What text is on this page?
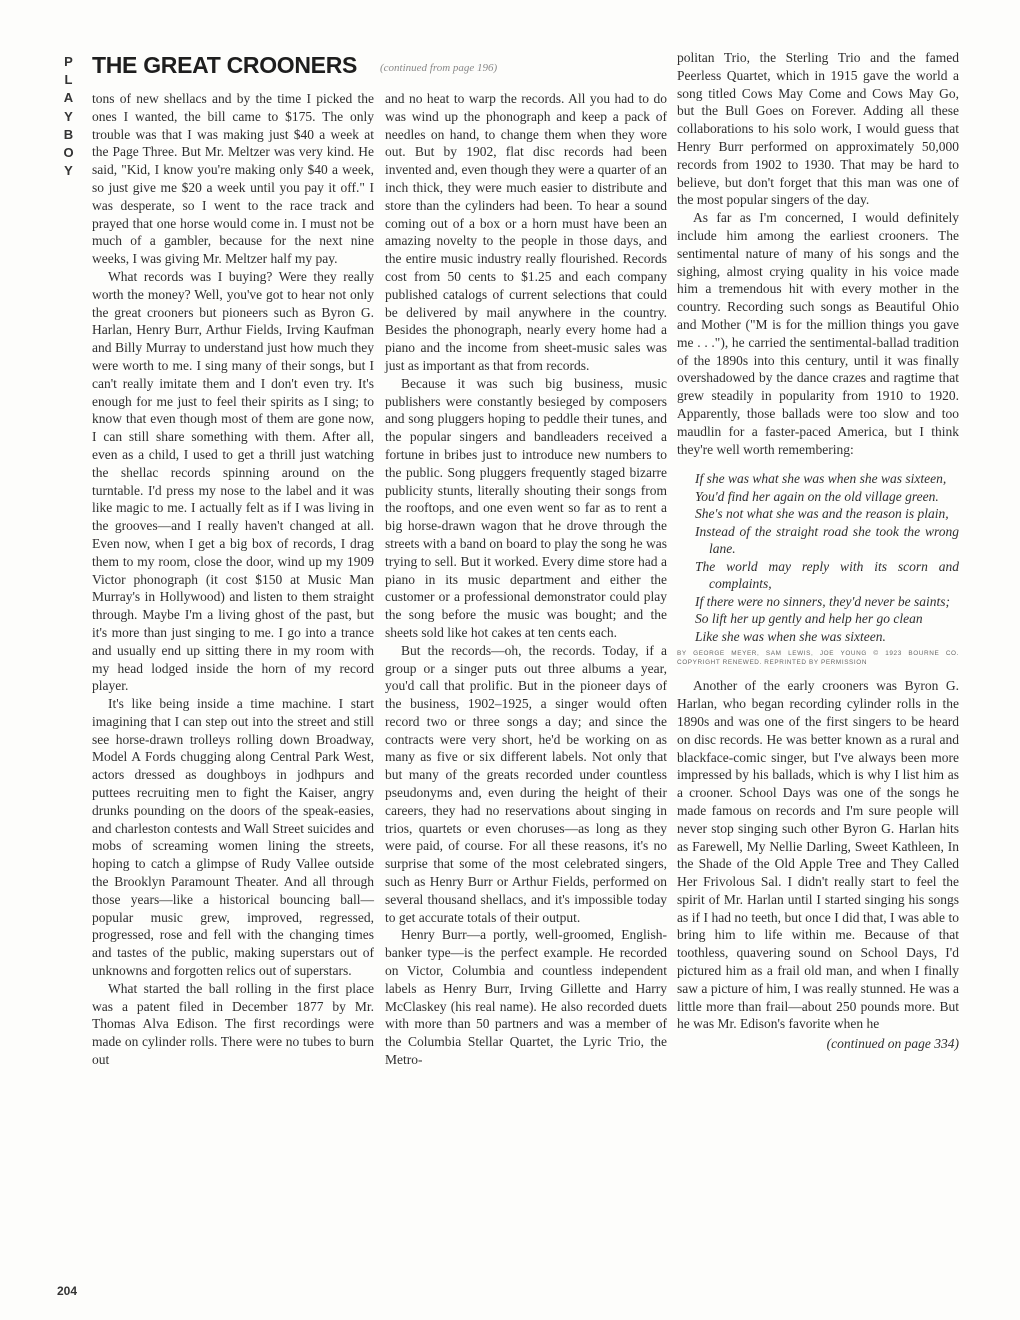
PLAYBOY
THE GREAT CROONERS (continued from page 196)

tons of new shellacs and by the time I picked the ones I wanted, the bill came to $175. The only trouble was that I was making just $40 a week at the Page Three. But Mr. Meltzer was very kind. He said, "Kid, I know you're making only $40 a week, so just give me $20 a week until you pay it off." I was desperate, so I went to the race track and prayed that one horse would come in. I must not be much of a gambler, because for the next nine weeks, I was giving Mr. Meltzer half my pay.

What records was I buying? Were they really worth the money? Well, you've got to hear not only the great crooners but pioneers such as Byron G. Harlan, Henry Burr, Arthur Fields, Irving Kaufman and Billy Murray to understand just how much they were worth to me. I sing many of their songs, but I can't really imitate them and I don't even try. It's enough for me just to feel their spirits as I sing; to know that even though most of them are gone now, I can still share something with them. After all, even as a child, I used to get a thrill just watching the shellac records spinning around on the turntable. I'd press my nose to the label and it was like magic to me. I actually felt as if I was living in the grooves—and I really haven't changed at all. Even now, when I get a big box of records, I drag them to my room, close the door, wind up my 1909 Victor phonograph (it cost $150 at Music Man Murray's in Hollywood) and listen to them straight through. Maybe I'm a living ghost of the past, but it's more than just singing to me. I go into a trance and usually end up sitting there in my room with my head lodged inside the horn of my record player.

It's like being inside a time machine. I start imagining that I can step out into the street and still see horse-drawn trolleys rolling down Broadway, Model A Fords chugging along Central Park West, actors dressed as doughboys in jodhpurs and puttees recruiting men to fight the Kaiser, angry drunks pounding on the doors of the speak-easies, and charleston contests and Wall Street suicides and mobs of screaming women lining the streets, hoping to catch a glimpse of Rudy Vallee outside the Brooklyn Paramount Theater. And all through those years—like a historical bouncing ball—popular music grew, improved, regressed, progressed, rose and fell with the changing times and tastes of the public, making superstars out of unknowns and forgotten relics out of superstars.

What started the ball rolling in the first place was a patent filed in December 1877 by Mr. Thomas Alva Edison. The first recordings were made on cylinder rolls. There were no tubes to burn out

and no heat to warp the records. All you had to do was wind up the phonograph and keep a pack of needles on hand, to change them when they wore out. But by 1902, flat disc records had been invented and, even though they were a quarter of an inch thick, they were much easier to distribute and store than the cylinders had been. To hear a sound coming out of a box or a horn must have been an amazing novelty to the people in those days, and the entire music industry really flourished. Records cost from 50 cents to $1.25 and each company published catalogs of current selections that could be delivered by mail anywhere in the country. Besides the phonograph, nearly every home had a piano and the income from sheet-music sales was just as important as that from records.

Because it was such big business, music publishers were constantly besieged by composers and song pluggers hoping to peddle their tunes, and the popular singers and bandleaders received a fortune in bribes just to introduce new numbers to the public. Song pluggers frequently staged bizarre publicity stunts, literally shouting their songs from the rooftops, and one even went so far as to rent a big horse-drawn wagon that he drove through the streets with a band on board to play the song he was trying to sell. But it worked. Every dime store had a piano in its music department and either the customer or a professional demonstrator could play the song before the music was bought; and the sheets sold like hot cakes at ten cents each.

But the records—oh, the records. Today, if a group or a singer puts out three albums a year, you'd call that prolific. But in the pioneer days of the business, 1902–1925, a singer would often record two or three songs a day; and since the contracts were very short, he'd be working on as many as five or six different labels. Not only that but many of the greats recorded under countless pseudonyms and, even during the height of their careers, they had no reservations about singing in trios, quartets or even choruses—as long as they were paid, of course. For all these reasons, it's no surprise that some of the most celebrated singers, such as Henry Burr or Arthur Fields, performed on several thousand shellacs, and it's impossible today to get accurate totals of their output.

Henry Burr—a portly, well-groomed, English-banker type—is the perfect example. He recorded on Victor, Columbia and countless independent labels as Henry Burr, Irving Gillette and Harry McClaskey (his real name). He also recorded duets with more than 50 partners and was a member of the Columbia Stellar Quartet, the Lyric Trio, the Metro-

politan Trio, the Sterling Trio and the famed Peerless Quartet, which in 1915 gave the world a song titled Cows May Come and Cows May Go, but the Bull Goes on Forever. Adding all these collaborations to his solo work, I would guess that Henry Burr performed on approximately 50,000 records from 1902 to 1930. That may be hard to believe, but don't forget that this man was one of the most popular singers of the day.

As far as I'm concerned, I would definitely include him among the earliest crooners. The sentimental nature of many of his songs and the sighing, almost crying quality in his voice made him a tremendous hit with every mother in the country. Recording such songs as Beautiful Ohio and Mother ("M is for the million things you gave me . . ."), he carried the sentimental-ballad tradition of the 1890s into this century, until it was finally overshadowed by the dance crazes and ragtime that grew steadily in popularity from 1910 to 1920. Apparently, those ballads were too slow and too maudlin for a faster-paced America, but I think they're well worth remembering:

If she was what she was when she was sixteen,
You'd find her again on the old village green.
She's not what she was and the reason is plain,
Instead of the straight road she took the wrong lane.
The world may reply with its scorn and complaints,
If there were no sinners, they'd never be saints;
So lift her up gently and help her go clean
Like she was when she was sixteen.
BY GEORGE MEYER, SAM LEWIS, JOE YOUNG © 1923 BOURNE CO. COPYRIGHT RENEWED. REPRINTED BY PERMISSION

Another of the early crooners was Byron G. Harlan, who began recording cylinder rolls in the 1890s and was one of the first singers to be heard on disc records. He was better known as a rural and blackface-comic singer, but I've always been more impressed by his ballads, which is why I list him as a crooner. School Days was one of the songs he made famous on records and I'm sure people will never stop singing such other Byron G. Harlan hits as Farewell, My Nellie Darling, Sweet Kathleen, In the Shade of the Old Apple Tree and They Called Her Frivolous Sal. I didn't really start to feel the spirit of Mr. Harlan until I started singing his songs as if I had no teeth, but once I did that, I was able to bring him to life within me. Because of that toothless, quavering sound on School Days, I'd pictured him as a frail old man, and when I finally saw a picture of him, I was really stunned. He was a little more than frail—about 250 pounds more. But he was Mr. Edison's favorite when he

(continued on page 334)
204
